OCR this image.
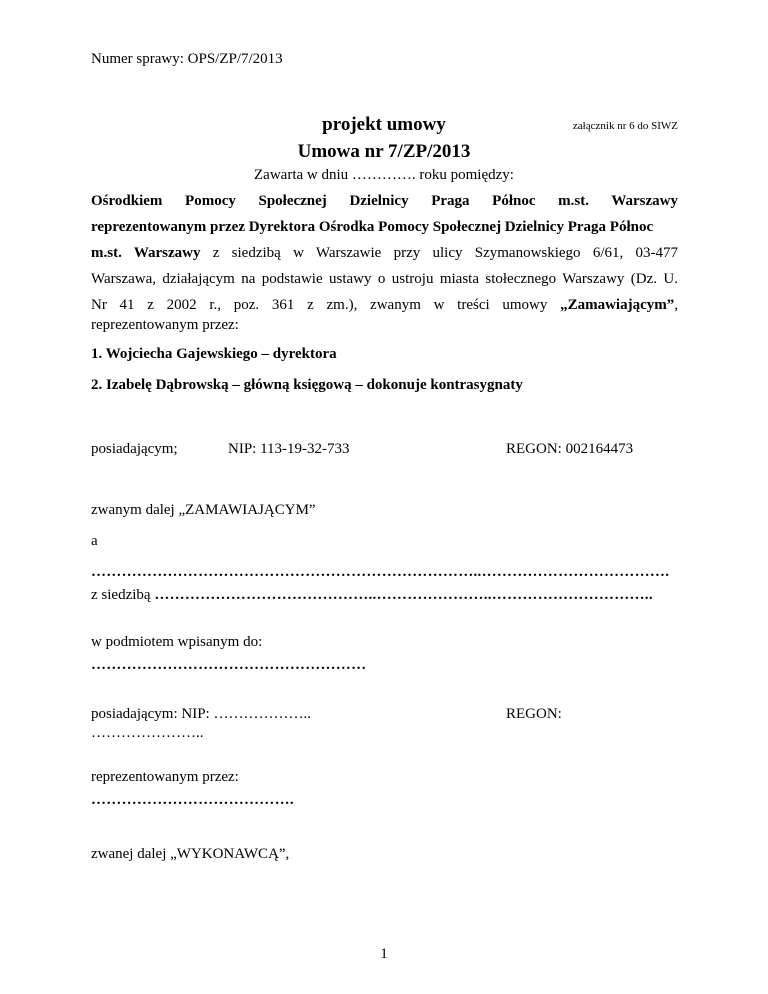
Numer sprawy: OPS/ZP/7/2013
załącznik nr 6 do SIWZ
projekt umowy
Umowa nr 7/ZP/2013
Zawarta w dniu …………. roku pomiędzy:
Ośrodkiem Pomocy Społecznej Dzielnicy Praga Północ m.st. Warszawy
reprezentowanym przez Dyrektora Ośrodka Pomocy Społecznej Dzielnicy Praga Północ
m.st. Warszawy z siedzibą w Warszawie przy ulicy Szymanowskiego 6/61, 03-477
Warszawa, działającym na podstawie ustawy o ustroju miasta stołecznego Warszawy (Dz. U.
Nr 41 z 2002 r., poz. 361 z zm.), zwanym w treści umowy „Zamawiającym”,
reprezentowanym przez:
1. Wojciecha Gajewskiego – dyrektora
2. Izabelę Dąbrowską – główną księgową – dokonuje kontrasygnaty
posiadającym;	NIP: 113-19-32-733	REGON: 002164473
zwanym dalej „ZAMAWIAJĄCYM”
a
…………………………………………………………………..……………………………….
z siedzibą ……………………………………..…………………..…………………………..
w podmiotem wpisanym do:
………………………………………………
posiadającym: NIP: ………………..	REGON:
…………………..
reprezentowanym przez:
………………………………….
zwanej dalej „WYKONAWCĄ”,
1
